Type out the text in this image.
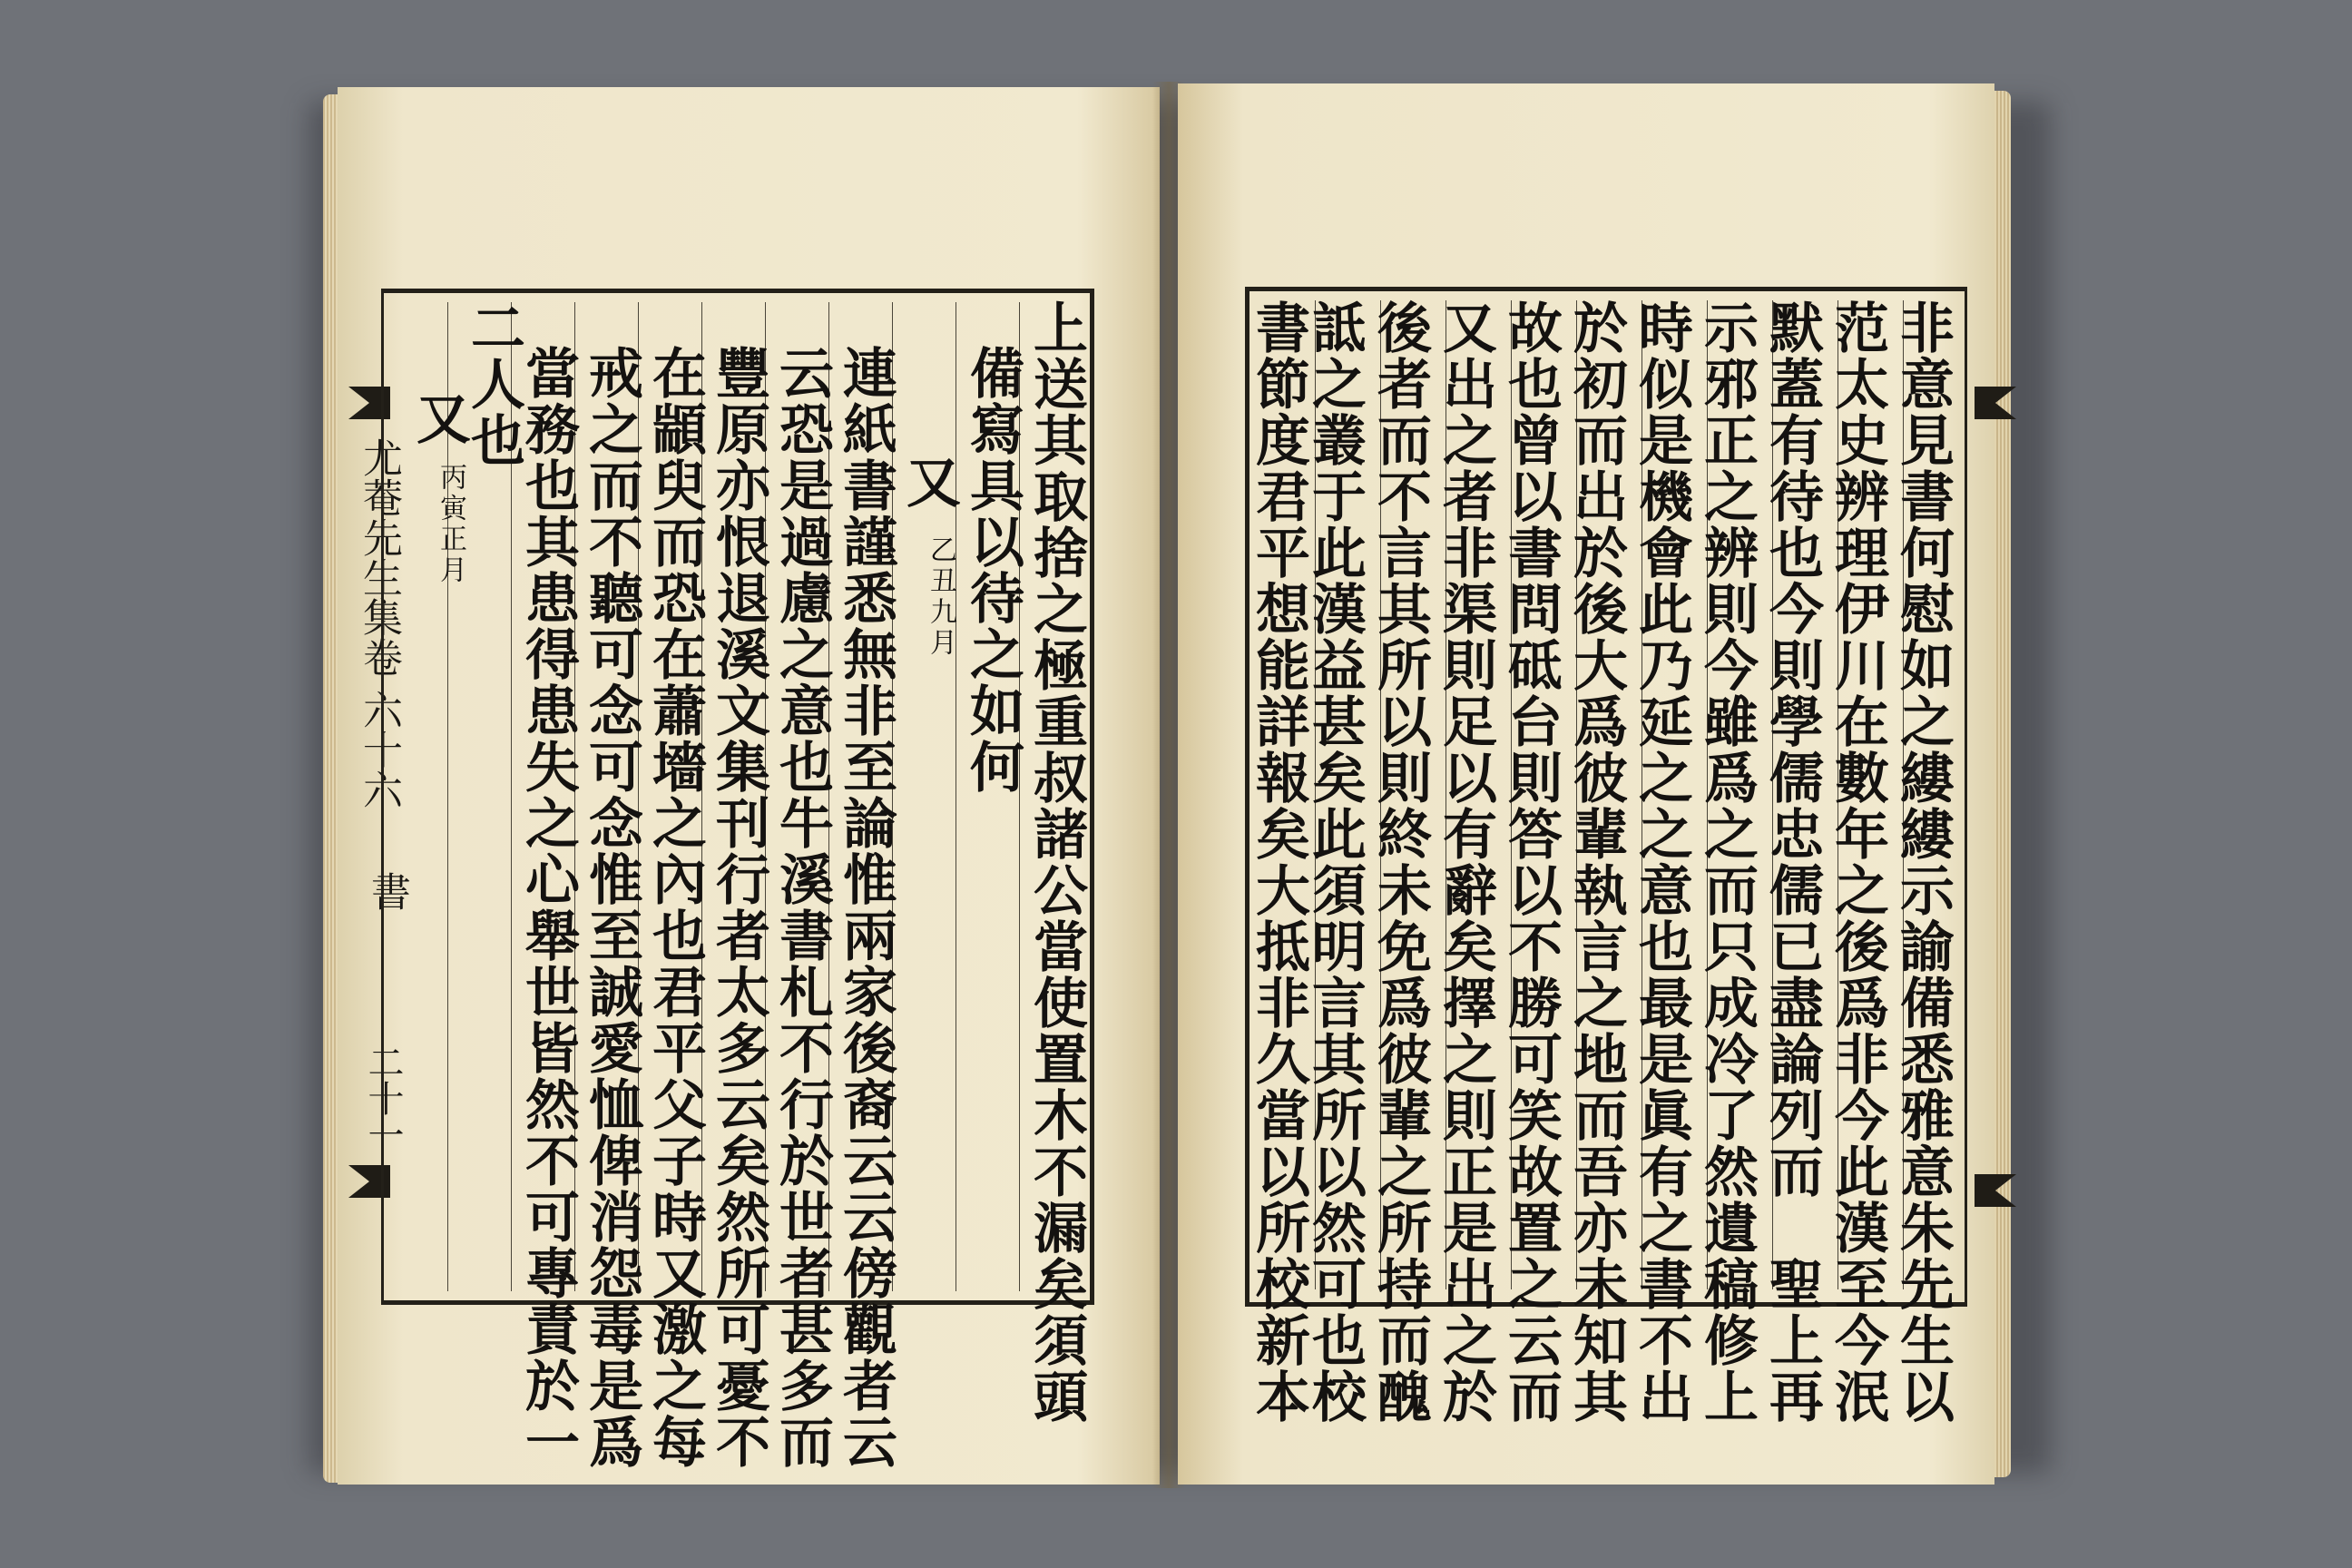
尤菴先生集卷 六十六
書
二十一	上送其取捨之極重叔諸公當使置木不漏矣須頭
備寫具以待之如何
又
乙丑九月
連紙書謹悉無非至論惟兩家後裔云云傍觀者云
云恐是過慮之意也牛溪書札不行於世者甚多而
豐原亦恨退溪文集刊行者太多云矣然所可憂不
在顓臾而恐在蕭墻之內也君平父子時又激之每
戒之而不聽可念可念惟至誠愛恤俾消怨毒是爲
當務也其患得患失之心舉世皆然不可專責於一
二人也
又
丙寅正月	非意見書何慰如之縷縷示諭備悉雅意朱先生以
范太史辨理伊川在數年之後爲非今此漢至今泯
默蓋有待也今則學儒忠儒已盡論列而　聖上再
示邪正之辨則今雖爲之而只成冷了然遺稿修上
時似是機會此乃延之之意也最是眞有之書不出
於初而出於後大爲彼輩執言之地而吾亦未知其
故也曾以書問砥台則答以不勝可笑故置之云而
又出之者非渠則足以有辭矣擇之則正是出之於
後者而不言其所以則終未免爲彼輩之所持而醜
詆之叢于此漢益甚矣此須明言其所以然可也校
書節度君平想能詳報矣大抵非久當以所校新本
